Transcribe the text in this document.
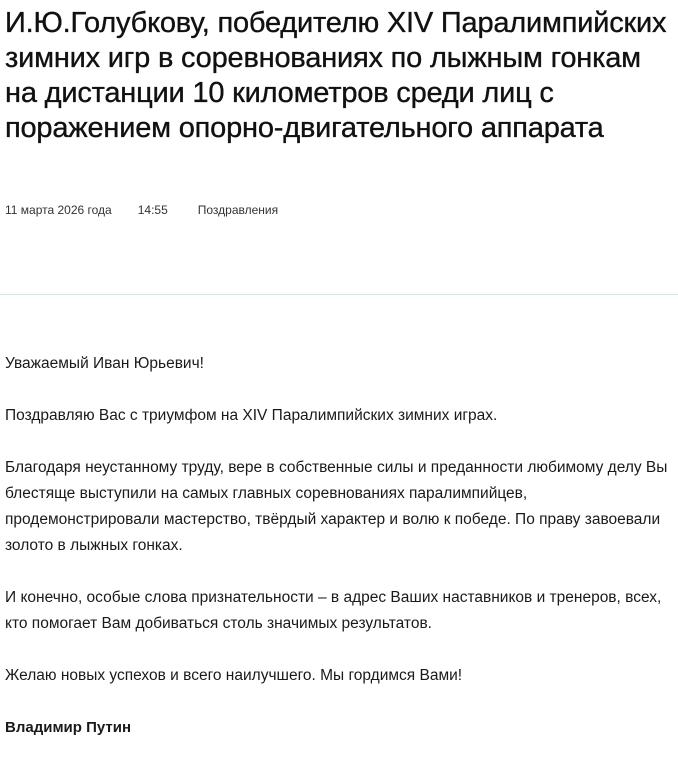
И.Ю.Голубкову, победителю XIV Паралимпийских зимних игр в соревнованиях по лыжным гонкам на дистанции 10 километров среди лиц с поражением опорно-двигательного аппарата
11 марта 2026 года 14:55	Поздравления

Уважаемый Иван Юрьевич!

Поздравляю Вас с триумфом на XIV Паралимпийских зимних играх.

Благодаря неустанному труду, вере в собственные силы и преданности любимому делу Вы блестяще выступили на самых главных соревнованиях паралимпийцев, продемонстрировали мастерство, твёрдый характер и волю к победе. По праву завоевали золото в лыжных гонках.

И конечно, особые слова признательности – в адрес Ваших наставников и тренеров, всех, кто помогает Вам добиваться столь значимых результатов.

Желаю новых успехов и всего наилучшего. Мы гордимся Вами!

Владимир Путин
